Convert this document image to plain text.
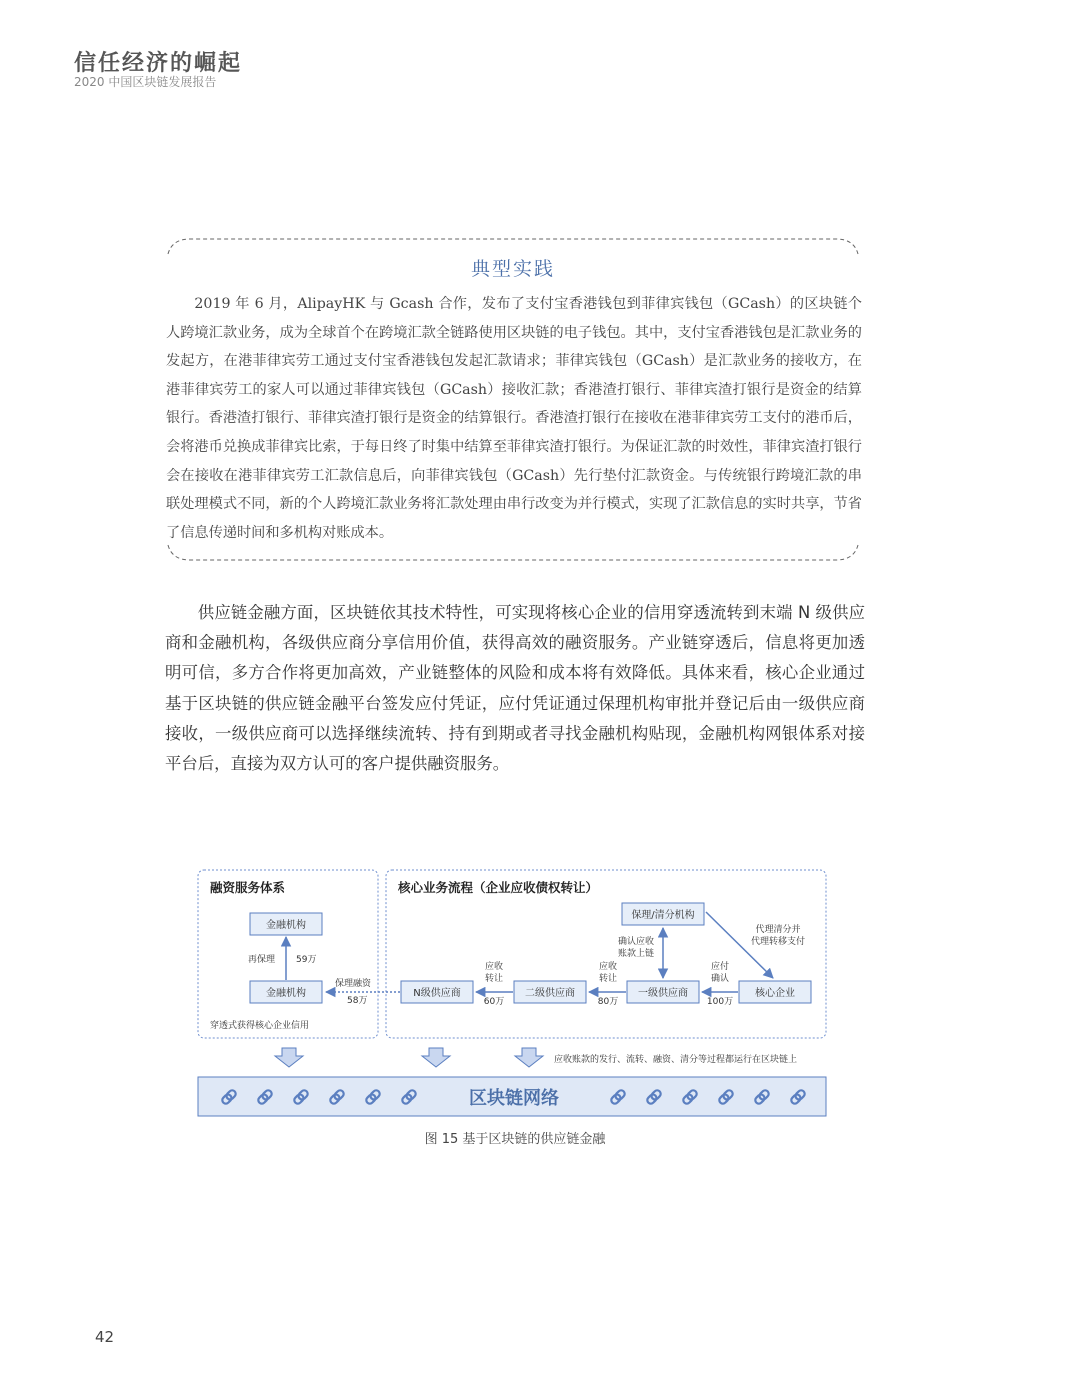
信任经济的崛起
2020 中国区块链发展报告
典型实践

2019 年 6 月，AlipayHK 与 Gcash 合作，发布了支付宝香港钱包到菲律宾钱包（GCash）的区块链个人跨境汇款业务，成为全球首个在跨境汇款全链路使用区块链的电子钱包。其中，支付宝香港钱包是汇款业务的发起方，在港菲律宾劳工通过支付宝香港钱包发起汇款请求；菲律宾钱包（GCash）是汇款业务的接收方，在港菲律宾劳工的家人可以通过菲律宾钱包（GCash）接收汇款；香港渣打银行、菲律宾渣打银行是资金的结算银行。香港渣打银行、菲律宾渣打银行是资金的结算银行。香港渣打银行在接收在港菲律宾劳工支付的港币后，会将港币兑换成菲律宾比索，于每日终了时集中结算至菲律宾渣打银行。为保证汇款的时效性，菲律宾渣打银行会在接收在港菲律宾劳工汇款信息后，向菲律宾钱包（GCash）先行垫付汇款资金。与传统银行跨境汇款的串联处理模式不同，新的个人跨境汇款业务将汇款处理由串行改变为并行模式，实现了汇款信息的实时共享，节省了信息传递时间和多机构对账成本。

供应链金融方面，区块链依其技术特性，可实现将核心企业的信用穿透流转到末端 N 级供应商和金融机构，各级供应商分享信用价值，获得高效的融资服务。产业链穿透后，信息将更加透明可信，多方合作将更加高效，产业链整体的风险和成本将有效降低。具体来看，核心企业通过基于区块链的供应链金融平台签发应付凭证，应付凭证通过保理机构审批并登记后由一级供应商接收，一级供应商可以选择继续流转、持有到期或者寻找金融机构贴现，金融机构网银体系对接平台后，直接为双方认可的客户提供融资服务。

融资服务体系	核心业务流程（企业应收债权转让）
金融机构
金融机构
再保理 59万
穿透式获得核心企业信用
保理/清分机构
N级供应商	二级供应商	一级供应商	核心企业
保理融资
58万
应收
转让
60万
应收
转让
80万
应付
确认
100万
确认应收
账款上链
代理清分并
代理转移支付
应收账款的发行、流转、融资、清分等过程都运行在区块链上
区块链网络
图 15 基于区块链的供应链金融
42
